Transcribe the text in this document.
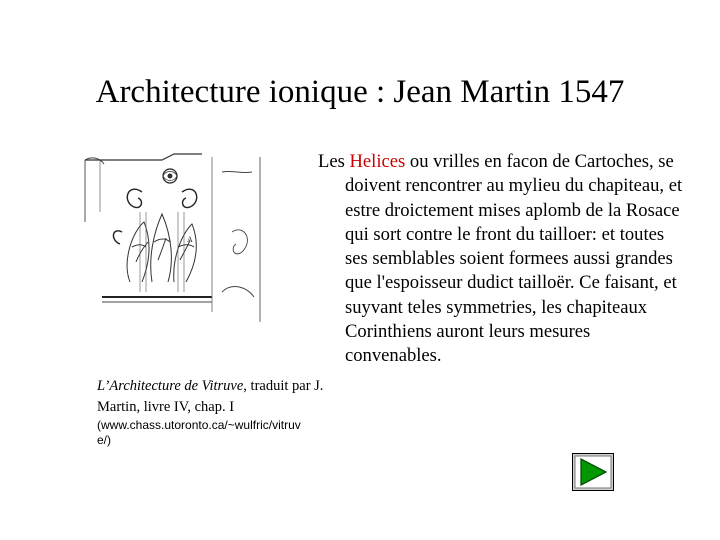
Architecture ionique : Jean Martin 1547
A
L’Architecture de Vitruve, traduit par J. Martin, livre IV, chap. I
(www.chass.utoronto.ca/~wulfric/vitruve/)
Les Helices ou vrilles en facon de Cartoches, se doivent rencontrer au mylieu du chapiteau, et estre droictement mises aplomb de la Rosace qui sort contre le front du tailloer: et toutes ses semblables soient formees aussi grandes que l'espoisseur dudict tailloër. Ce faisant, et suyvant teles symmetries, les chapiteaux Corinthiens auront leurs mesures convenables.
